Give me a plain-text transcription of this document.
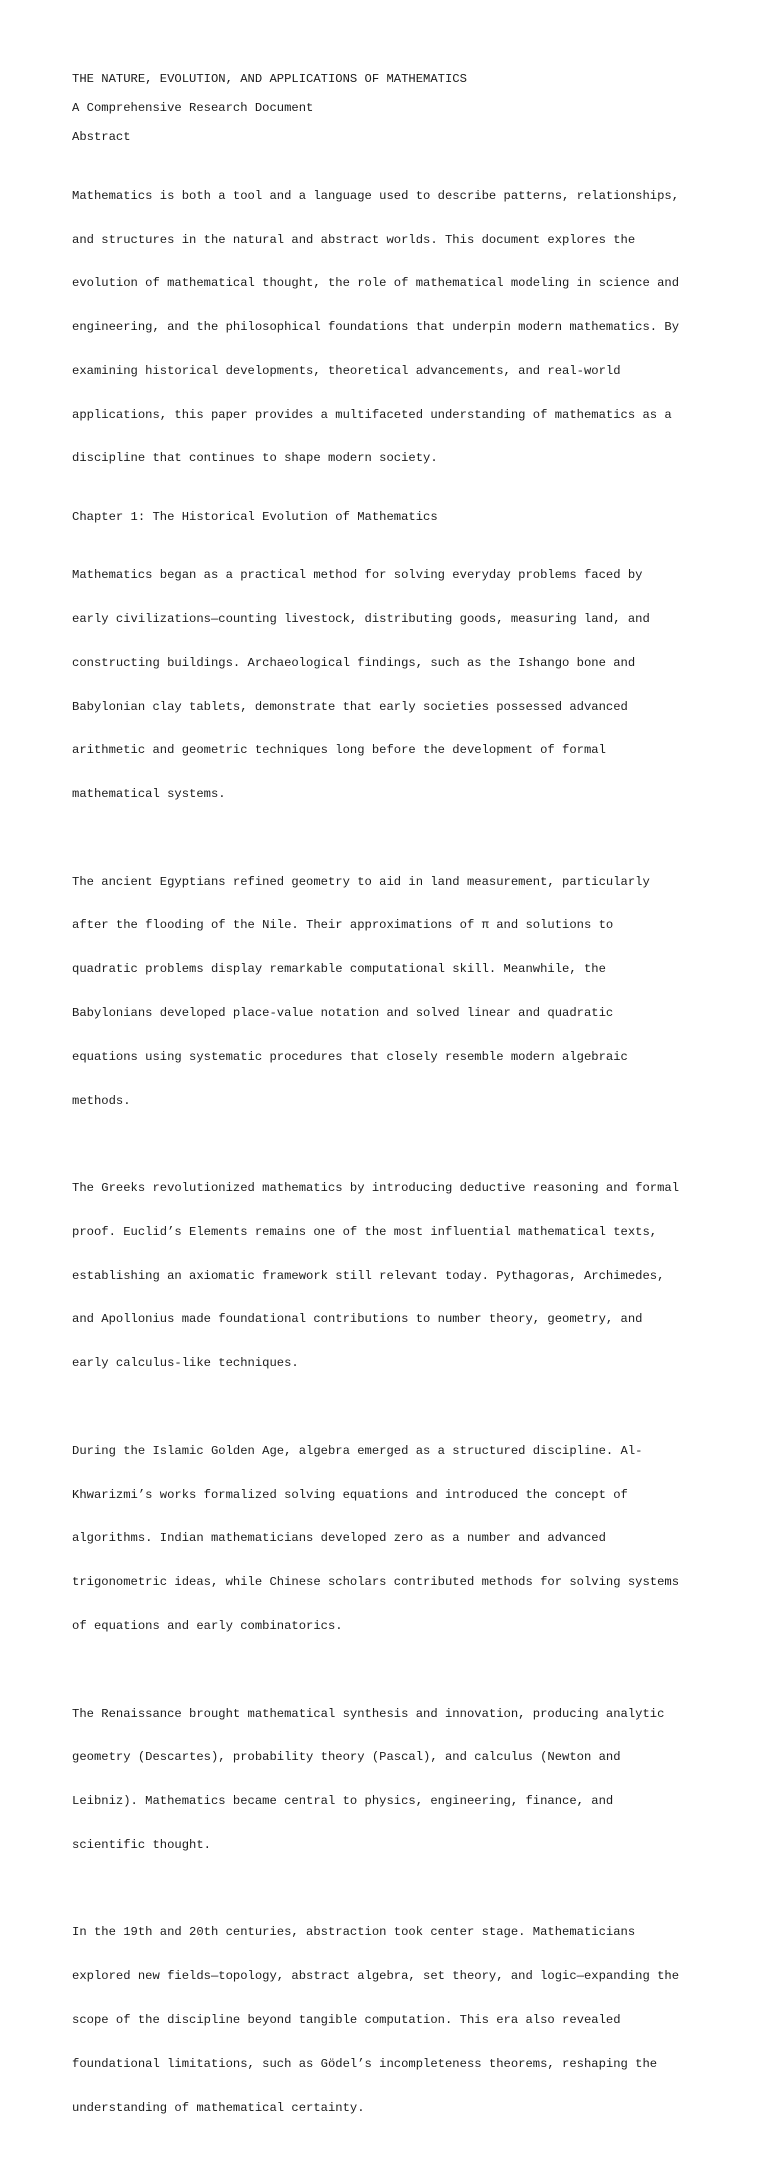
THE NATURE, EVOLUTION, AND APPLICATIONS OF MATHEMATICS
A Comprehensive Research Document
Abstract

Mathematics is both a tool and a language used to describe patterns, relationships,

and structures in the natural and abstract worlds. This document explores the

evolution of mathematical thought, the role of mathematical modeling in science and

engineering, and the philosophical foundations that underpin modern mathematics. By

examining historical developments, theoretical advancements, and real-world

applications, this paper provides a multifaceted understanding of mathematics as a

discipline that continues to shape modern society.

Chapter 1: The Historical Evolution of Mathematics

Mathematics began as a practical method for solving everyday problems faced by

early civilizations—counting livestock, distributing goods, measuring land, and

constructing buildings. Archaeological findings, such as the Ishango bone and

Babylonian clay tablets, demonstrate that early societies possessed advanced

arithmetic and geometric techniques long before the development of formal

mathematical systems.

The ancient Egyptians refined geometry to aid in land measurement, particularly

after the flooding of the Nile. Their approximations of π and solutions to

quadratic problems display remarkable computational skill. Meanwhile, the

Babylonians developed place-value notation and solved linear and quadratic

equations using systematic procedures that closely resemble modern algebraic

methods.

The Greeks revolutionized mathematics by introducing deductive reasoning and formal

proof. Euclid’s Elements remains one of the most influential mathematical texts,

establishing an axiomatic framework still relevant today. Pythagoras, Archimedes,

and Apollonius made foundational contributions to number theory, geometry, and

early calculus-like techniques.

During the Islamic Golden Age, algebra emerged as a structured discipline. Al-

Khwarizmi’s works formalized solving equations and introduced the concept of

algorithms. Indian mathematicians developed zero as a number and advanced

trigonometric ideas, while Chinese scholars contributed methods for solving systems

of equations and early combinatorics.

The Renaissance brought mathematical synthesis and innovation, producing analytic

geometry (Descartes), probability theory (Pascal), and calculus (Newton and

Leibniz). Mathematics became central to physics, engineering, finance, and

scientific thought.

In the 19th and 20th centuries, abstraction took center stage. Mathematicians

explored new fields—topology, abstract algebra, set theory, and logic—expanding the

scope of the discipline beyond tangible computation. This era also revealed

foundational limitations, such as Gödel’s incompleteness theorems, reshaping the

understanding of mathematical certainty.
